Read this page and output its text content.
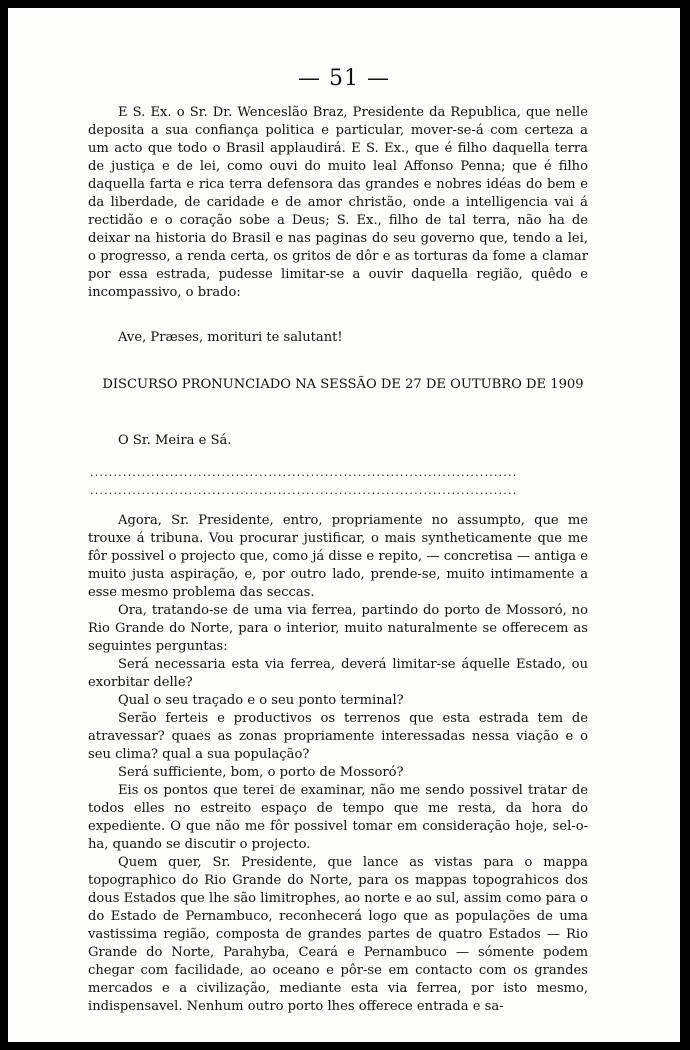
— 51 —
E S. Ex. o Sr. Dr. Wenceslão Braz, Presidente da Republica, que nelle deposita a sua confiança politica e particular, mover-se-á com certeza a um acto que todo o Brasil applaudirá. E S. Ex., que é filho daquella terra de justiça e de lei, como ouvi do muito leal Affonso Penna; que é filho daquella farta e rica terra defensora das grandes e nobres idéas do bem e da liberdade, de caridade e de amor christão, onde a intelligencia vai á rectidão e o coração sobe a Deus; S. Ex., filho de tal terra, não ha de deixar na historia do Brasil e nas paginas do seu governo que, tendo a lei, o progresso, a renda certa, os gritos de dôr e as torturas da fome a clamar por essa estrada, pudesse limitar-se a ouvir daquella região, quêdo e incompassivo, o brado:
Ave, Præses, morituri te salutant!
DISCURSO PRONUNCIADO NA SESSÃO DE 27 DE OUTUBRO DE 1909
O Sr. Meira e Sá.
...........................................................................................
...........................................................................................
Agora, Sr. Presidente, entro, propriamente no assumpto, que me trouxe á tribuna. Vou procurar justificar, o mais syntheticamente que me fôr possivel o projecto que, como já disse e repito, — concretisa — antiga e muito justa aspiração, e, por outro lado, prende-se, muito intimamente a esse mesmo problema das seccas.
Ora, tratando-se de uma via ferrea, partindo do porto de Mossoró, no Rio Grande do Norte, para o interior, muito naturalmente se offerecem as seguintes perguntas:
Será necessaria esta via ferrea, deverá limitar-se áquelle Estado, ou exorbitar delle?
Qual o seu traçado e o seu ponto terminal?
Serão ferteis e productivos os terrenos que esta estrada tem de atravessar? quaes as zonas propriamente interessadas nessa viação e o seu clima? qual a sua população?
Será sufficiente, bom, o porto de Mossoró?
Eis os pontos que terei de examinar, não me sendo possivel tratar de todos elles no estreito espaço de tempo que me resta, da hora do expediente. O que não me fôr possivel tomar em consideração hoje, sel-o-ha, quando se discutir o projecto.
Quem quer, Sr. Presidente, que lance as vistas para o mappa topographico do Rio Grande do Norte, para os mappas topograhicos dos dous Estados que lhe são limitrophes, ao norte e ao sul, assim como para o do Estado de Pernambuco, reconhecerá logo que as populações de uma vastissima região, composta de grandes partes de quatro Estados — Rio Grande do Norte, Parahyba, Ceará e Pernambuco — sómente podem chegar com facilidade, ao oceano e pôr-se em contacto com os grandes mercados e a civilização, mediante esta via ferrea, por isto mesmo, indispensavel. Nenhum outro porto lhes offerece entrada e sa-
